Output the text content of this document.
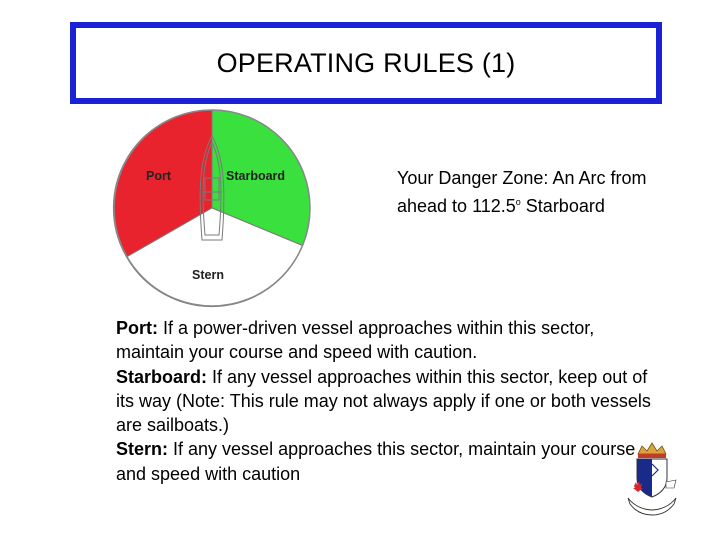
OPERATING RULES (1)
Port	Starboard
Stern
Your Danger Zone: An Arc from ahead to 112.5$^o$ Starboard

Port: If a power-driven vessel approaches within this sector, maintain your course and speed with caution.

Starboard: If any vessel approaches within this sector, keep out of its way (Note: This rule may not always apply if one or both vessels are sailboats.)

Stern: If any vessel approaches this sector, maintain your course and speed with caution
